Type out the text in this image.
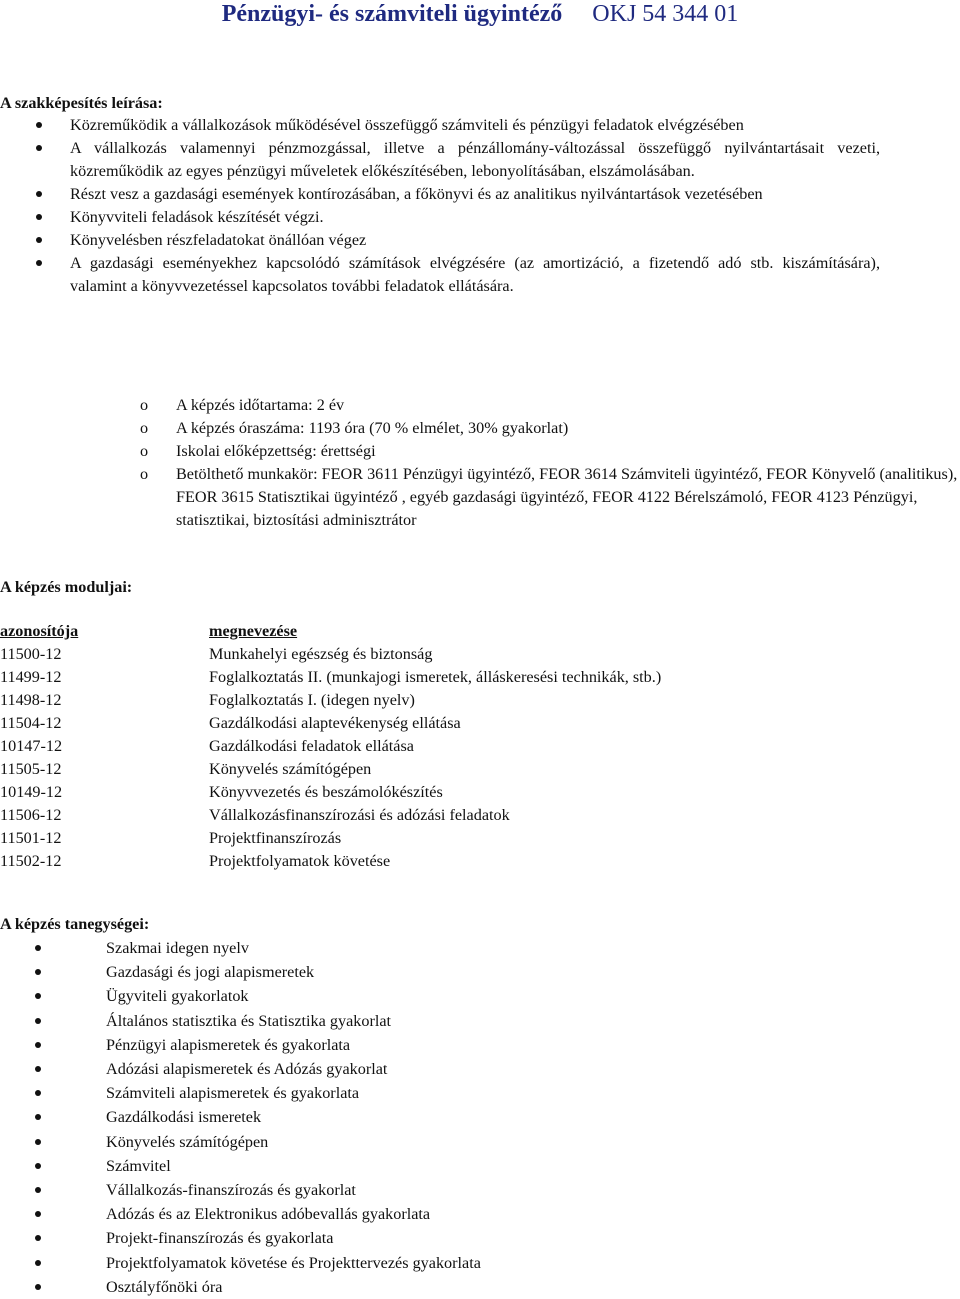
Pénzügyi- és számviteli ügyintéző OKJ 54 344 01
A szakképesítés leírása:
Közreműködik a vállalkozások működésével összefüggő számviteli és pénzügyi feladatok elvégzésében
A vállalkozás valamennyi pénzmozgással, illetve a pénzállomány-változással összefüggő nyilvántartásait vezeti, közreműködik az egyes pénzügyi műveletek előkészítésében, lebonyolításában, elszámolásában.
Részt vesz a gazdasági események kontírozásában, a főkönyvi és az analitikus nyilvántartások vezetésében
Könyvviteli feladások készítését végzi.
Könyvelésben részfeladatokat önállóan végez
A gazdasági eseményekhez kapcsolódó számítások elvégzésére (az amortizáció, a fizetendő adó stb. kiszámítására), valamint a könyvvezetéssel kapcsolatos további feladatok ellátására.
o A képzés időtartama: 2 év
o A képzés óraszáma: 1193 óra (70 % elmélet, 30% gyakorlat)
o Iskolai előképzettség: érettségi
o Betölthető munkakör: FEOR 3611 Pénzügyi ügyintéző, FEOR 3614 Számviteli ügyintéző, FEOR Könyvelő (analitikus), FEOR 3615 Statisztikai ügyintéző , egyéb gazdasági ügyintéző, FEOR 4122 Bérelszámoló, FEOR 4123 Pénzügyi, statisztikai, biztosítási adminisztrátor
A képzés moduljai:
azonosítója	megnevezése
11500-12	Munkahelyi egészség és biztonság
11499-12	Foglalkoztatás II. (munkajogi ismeretek, álláskeresési technikák, stb.)
11498-12	Foglalkoztatás I. (idegen nyelv)
11504-12	Gazdálkodási alaptevékenység ellátása
10147-12	Gazdálkodási feladatok ellátása
11505-12	Könyvelés számítógépen
10149-12	Könyvvezetés és beszámolókészítés
11506-12	Vállalkozásfinanszírozási és adózási feladatok
11501-12	Projektfinanszírozás
11502-12	Projektfolyamatok követése
A képzés tanegységei:
Szakmai idegen nyelv
Gazdasági és jogi alapismeretek
Ügyviteli gyakorlatok
Általános statisztika és Statisztika gyakorlat
Pénzügyi alapismeretek és gyakorlata
Adózási alapismeretek és Adózás gyakorlat
Számviteli alapismeretek és gyakorlata
Gazdálkodási ismeretek
Könyvelés számítógépen
Számvitel
Vállalkozás-finanszírozás és gyakorlat
Adózás és az Elektronikus adóbevallás gyakorlata
Projekt-finanszírozás és gyakorlata
Projektfolyamatok követése és Projekttervezés gyakorlata
Osztályfőnöki óra
